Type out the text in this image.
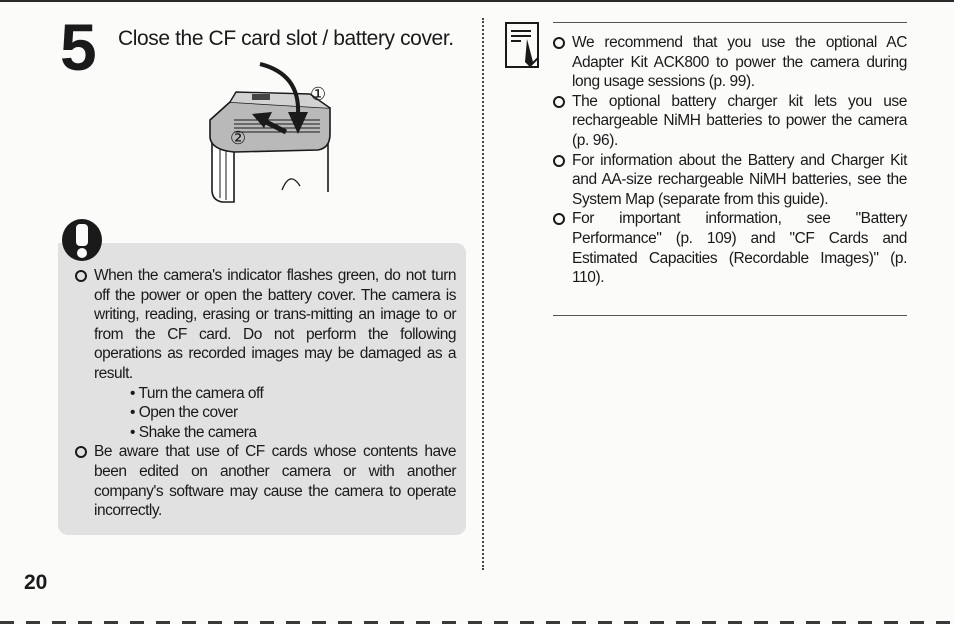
5 Close the CF card slot / battery cover.
①
②
When the camera's indicator flashes green, do not turn off the power or open the battery cover. The camera is writing, reading, erasing or trans-mitting an image to or from the CF card. Do not perform the following operations as recorded images may be damaged as a result.
• Turn the camera off
• Open the cover
• Shake the camera
Be aware that use of CF cards whose contents have been edited on another camera or with another company's software may cause the camera to operate incorrectly.
We recommend that you use the optional AC Adapter Kit ACK800 to power the camera during long usage sessions (p. 99).
The optional battery charger kit lets you use rechargeable NiMH batteries to power the camera (p. 96).
For information about the Battery and Charger Kit and AA-size rechargeable NiMH batteries, see the System Map (separate from this guide).
For important information, see "Battery Performance" (p. 109) and "CF Cards and Estimated Capacities (Recordable Images)" (p. 110).
20
